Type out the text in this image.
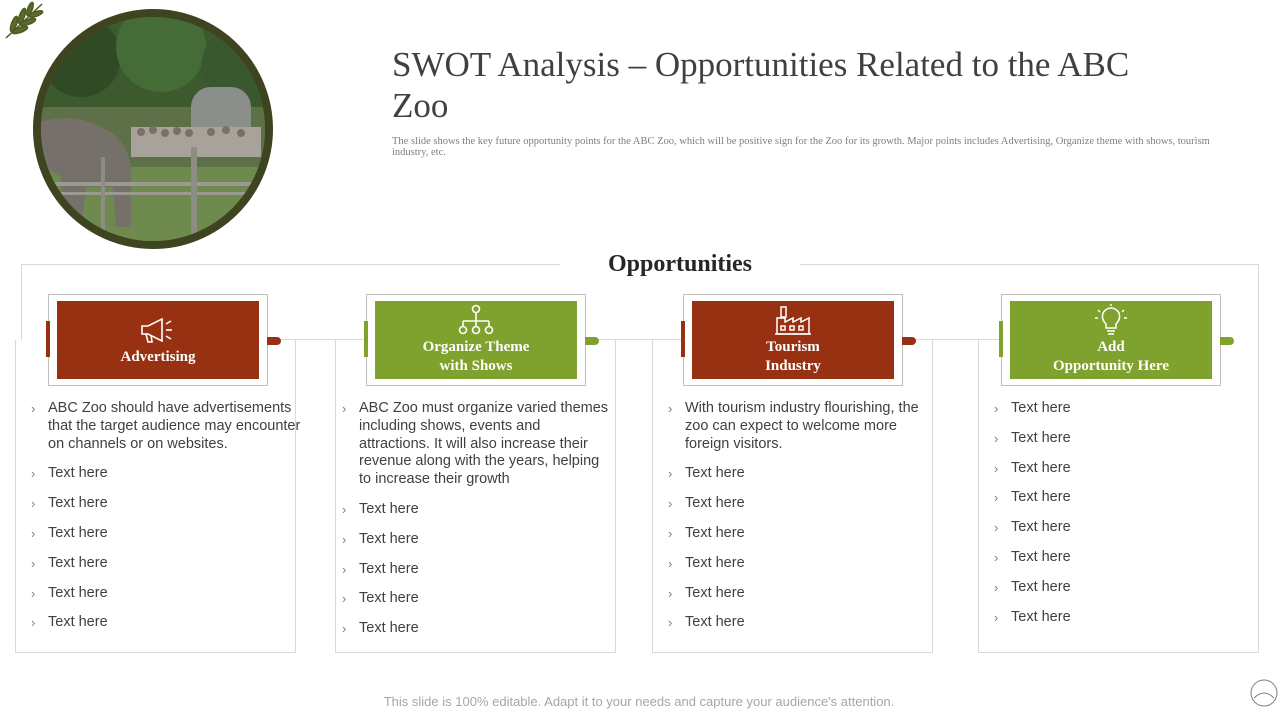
SWOT Analysis – Opportunities Related to the ABC Zoo

The slide shows the key future opportunity points for the ABC Zoo, which will be positive sign for the Zoo for its growth. Major points includes Advertising, Organize theme with shows, tourism industry, etc.

Opportunities
Advertising
› ABC Zoo should have advertisements that the target audience may encounter on channels or on websites.
› Text here
› Text here
› Text here
› Text here
› Text here
› Text here
Organize Theme
with Shows
› ABC Zoo must organize varied themes including shows, events and attractions. It will also increase their revenue along with the years, helping to increase their growth
› Text here
› Text here
› Text here
› Text here
› Text here
Tourism
Industry
› With tourism industry flourishing, the zoo can expect to welcome more foreign visitors.
› Text here
› Text here
› Text here
› Text here
› Text here
› Text here
Add
Opportunity Here
› Text here
› Text here
› Text here
› Text here
› Text here
› Text here
› Text here
› Text here
This slide is 100% editable. Adapt it to your needs and capture your audience's attention.
